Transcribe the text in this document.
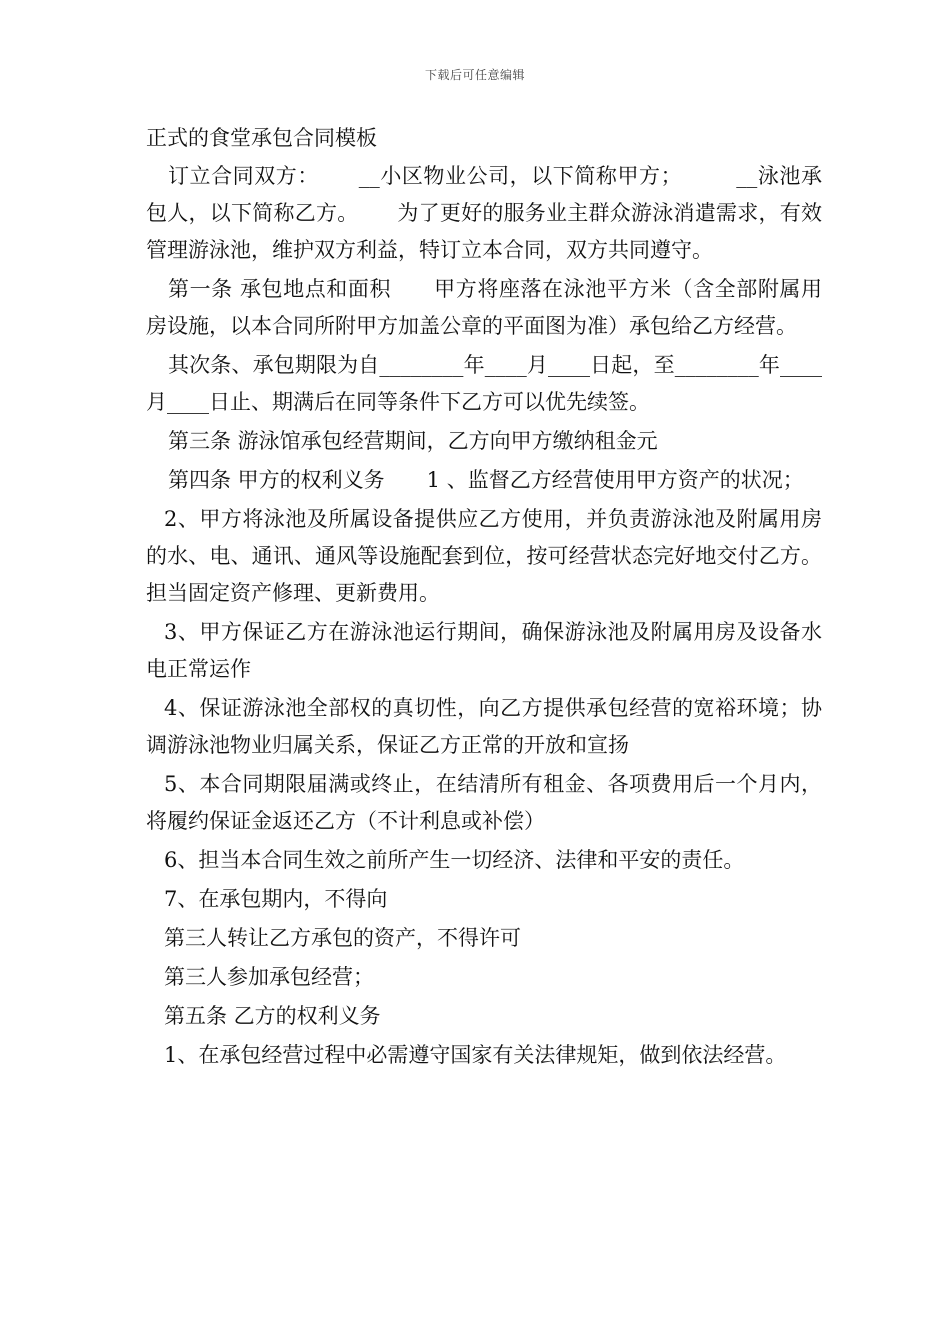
下载后可任意编辑
正式的食堂承包合同模板

订立合同双方：　　 __小区物业公司，以下简称甲方；　　　__泳池承包人，以下简称乙方。　　 为了更好的服务业主群众游泳消遣需求，有效管理游泳池，维护双方利益，特订立本合同，双方共同遵守。

第一条 承包地点和面积　　甲方将座落在泳池平方米（含全部附属用房设施，以本合同所附甲方加盖公章的平面图为准）承包给乙方经营。

其次条、承包期限为自________年____月____日起，至________年____月____日止、期满后在同等条件下乙方可以优先续签。

第三条 游泳馆承包经营期间，乙方向甲方缴纳租金元

第四条 甲方的权利义务　　1 、监督乙方经营使用甲方资产的状况；

2、甲方将泳池及所属设备提供应乙方使用，并负责游泳池及附属用房的水、电、通讯、通风等设施配套到位，按可经营状态完好地交付乙方。担当固定资产修理、更新费用。

3、甲方保证乙方在游泳池运行期间，确保游泳池及附属用房及设备水电正常运作

4、保证游泳池全部权的真切性，向乙方提供承包经营的宽裕环境；协调游泳池物业归属关系，保证乙方正常的开放和宣扬

5、本合同期限届满或终止，在结清所有租金、各项费用后一个月内，将履约保证金返还乙方（不计利息或补偿）

6、担当本合同生效之前所产生一切经济、法律和平安的责任。

7、在承包期内，不得向

第三人转让乙方承包的资产，不得许可

第三人参加承包经营；

第五条 乙方的权利义务

1、在承包经营过程中必需遵守国家有关法律规矩，做到依法经营。
